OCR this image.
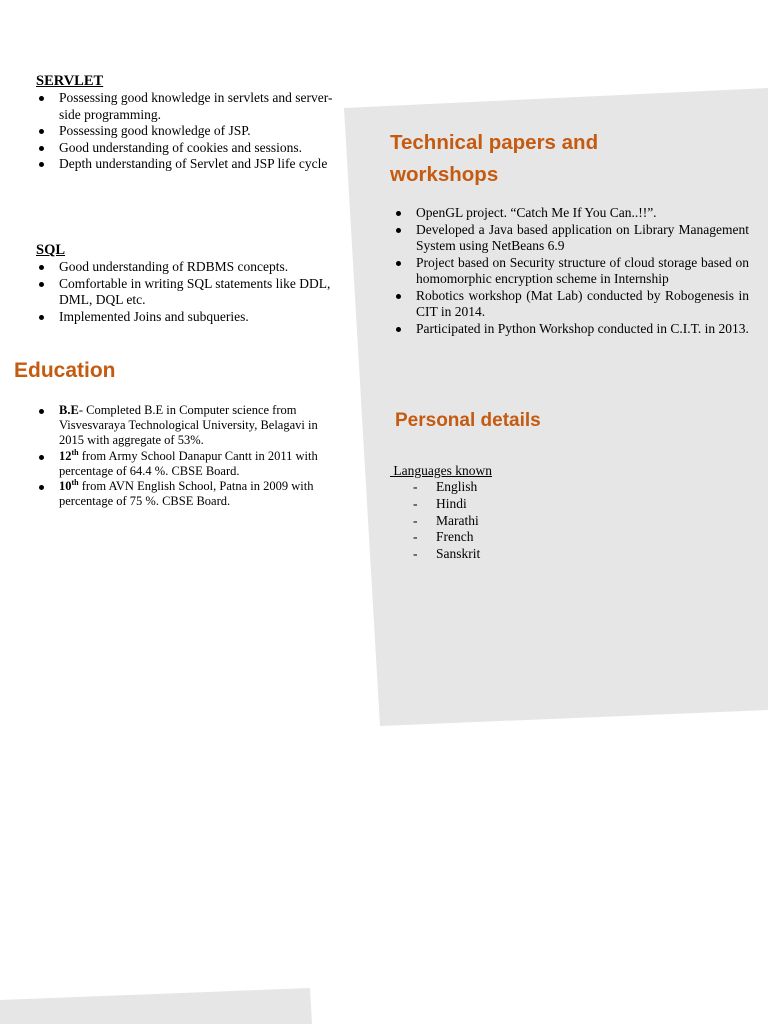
SERVLET

Possessing good knowledge in servlets and server-side programming.
Possessing good knowledge of JSP.
Good understanding of cookies and sessions.
Depth understanding of Servlet and JSP life cycle

SQL

Good understanding of RDBMS concepts.
Comfortable in writing SQL statements like DDL, DML, DQL etc.
Implemented Joins and subqueries.
Education
B.E- Completed B.E in Computer science from Visvesvaraya Technological University, Belagavi in 2015 with aggregate of 53%.
12th from Army School Danapur Cantt in 2011 with percentage of 64.4 %. CBSE Board.
10th from AVN English School, Patna in 2009 with percentage of 75 %. CBSE Board.
Technical papers and workshops
OpenGL project. “Catch Me If You Can..!!”.
Developed a Java based application on Library Management System using NetBeans 6.9
Project based on Security structure of cloud storage based on homomorphic encryption scheme in Internship
Robotics workshop (Mat Lab) conducted by Robogenesis in CIT in 2014.
Participated in Python Workshop conducted in C.I.T. in 2013.
Personal details

Languages known

- English
- Hindi
- Marathi
- French
- Sanskrit
